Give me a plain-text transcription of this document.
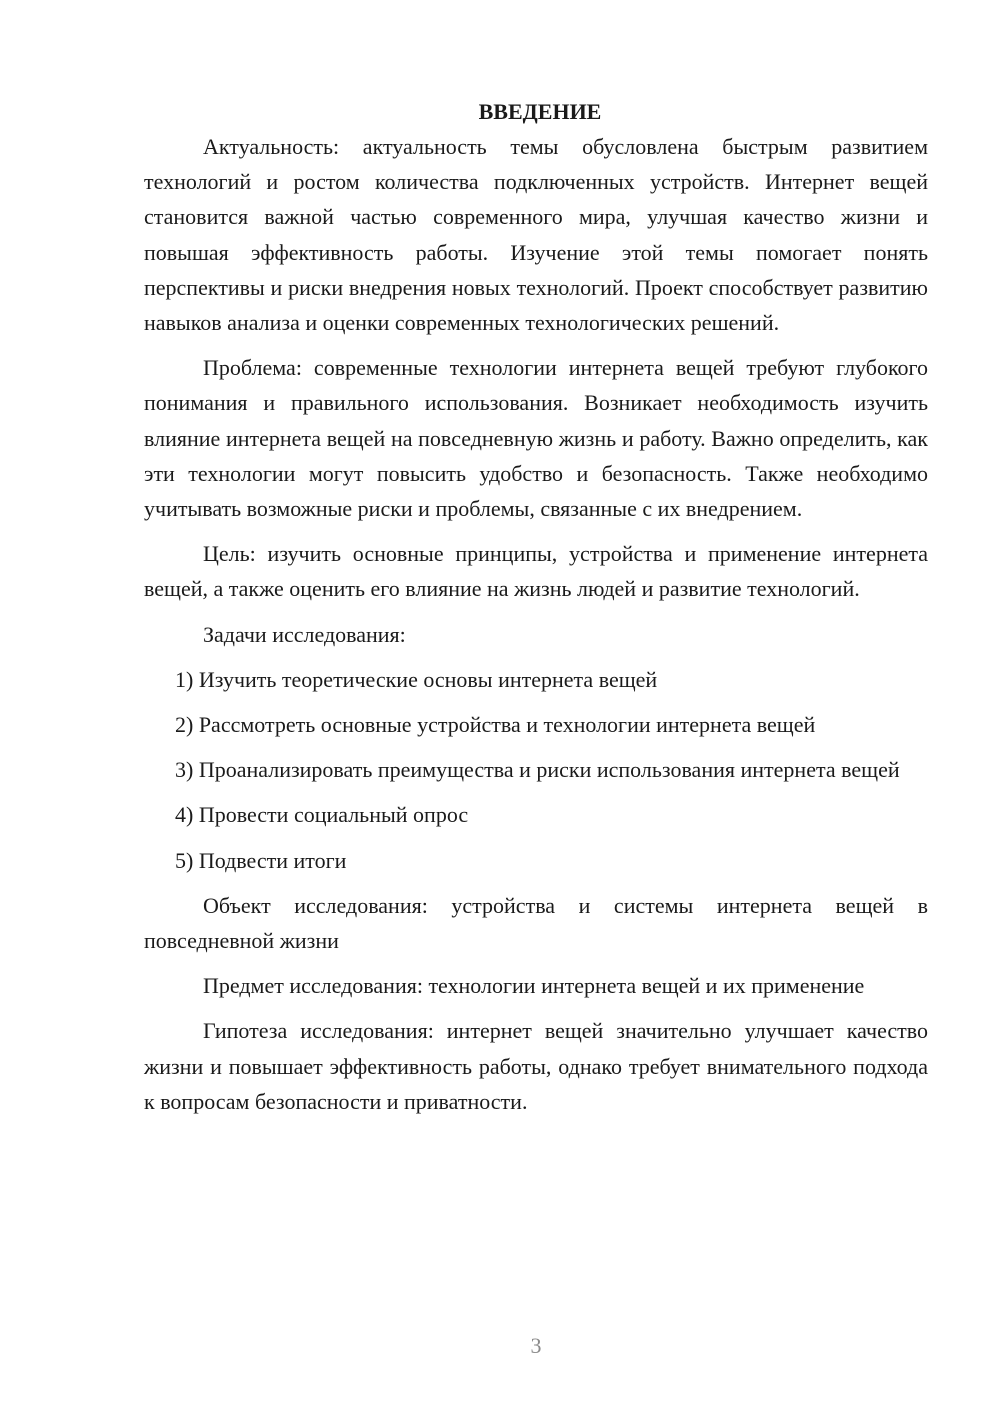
ВВЕДЕНИЕ

Актуальность: актуальность темы обусловлена быстрым развитием технологий и ростом количества подключенных устройств. Интернет вещей становится важной частью современного мира, улучшая качество жизни и повышая эффективность работы. Изучение этой темы помогает понять перспективы и риски внедрения новых технологий. Проект способствует развитию навыков анализа и оценки современных технологических решений.

Проблема: современные технологии интернета вещей требуют глубокого понимания и правильного использования. Возникает необходимость изучить влияние интернета вещей на повседневную жизнь и работу. Важно определить, как эти технологии могут повысить удобство и безопасность. Также необходимо учитывать возможные риски и проблемы, связанные с их внедрением.

Цель: изучить основные принципы, устройства и применение интернета вещей, а также оценить его влияние на жизнь людей и развитие технологий.

Задачи исследования:

1) Изучить теоретические основы интернета вещей

2) Рассмотреть основные устройства и технологии интернета вещей

3) Проанализировать преимущества и риски использования интернета вещей

4) Провести социальный опрос

5) Подвести итоги

Объект исследования: устройства и системы интернета вещей в повседневной жизни

Предмет исследования: технологии интернета вещей и их применение

Гипотеза исследования: интернет вещей значительно улучшает качество жизни и повышает эффективность работы, однако требует внимательного подхода к вопросам безопасности и приватности.

3
